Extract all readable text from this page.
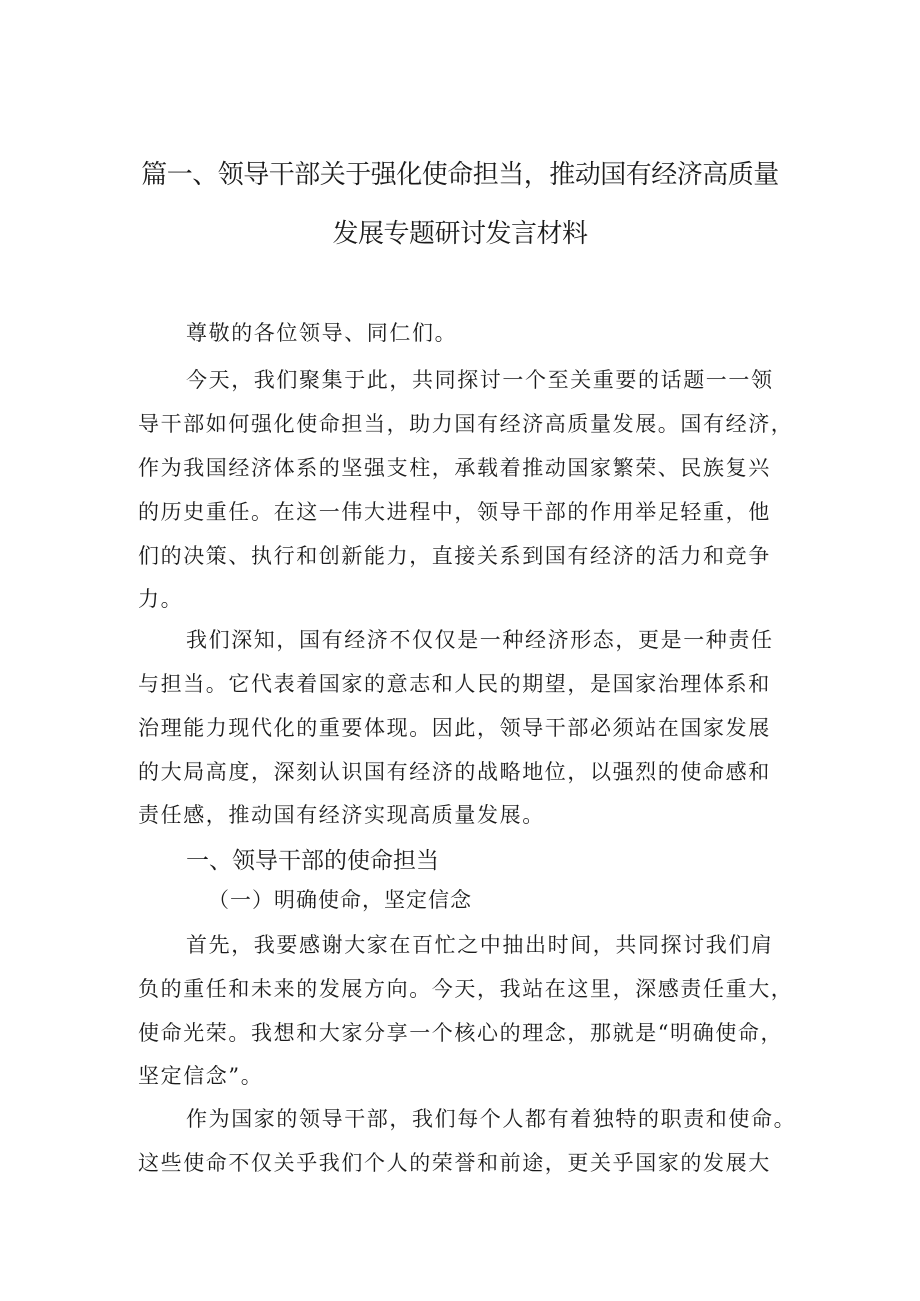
篇一、领导干部关于强化使命担当，推动国有经济高质量
发展专题研讨发言材料
尊敬的各位领导、同仁们。
今天，我们聚集于此，共同探讨一个至关重要的话题一一领
导干部如何强化使命担当，助力国有经济高质量发展。国有经济，
作为我国经济体系的坚强支柱，承载着推动国家繁荣、民族复兴
的历史重任。在这一伟大进程中，领导干部的作用举足轻重，他
们的决策、执行和创新能力，直接关系到国有经济的活力和竞争
力。
我们深知，国有经济不仅仅是一种经济形态，更是一种责任
与担当。它代表着国家的意志和人民的期望，是国家治理体系和
治理能力现代化的重要体现。因此，领导干部必须站在国家发展
的大局高度，深刻认识国有经济的战略地位，以强烈的使命感和
责任感，推动国有经济实现高质量发展。
一、领导干部的使命担当
（一）明确使命，坚定信念
首先，我要感谢大家在百忙之中抽出时间，共同探讨我们肩
负的重任和未来的发展方向。今天，我站在这里，深感责任重大，
使命光荣。我想和大家分享一个核心的理念，那就是“明确使命，
坚定信念”。
作为国家的领导干部，我们每个人都有着独特的职责和使命。
这些使命不仅关乎我们个人的荣誉和前途，更关乎国家的发展大
